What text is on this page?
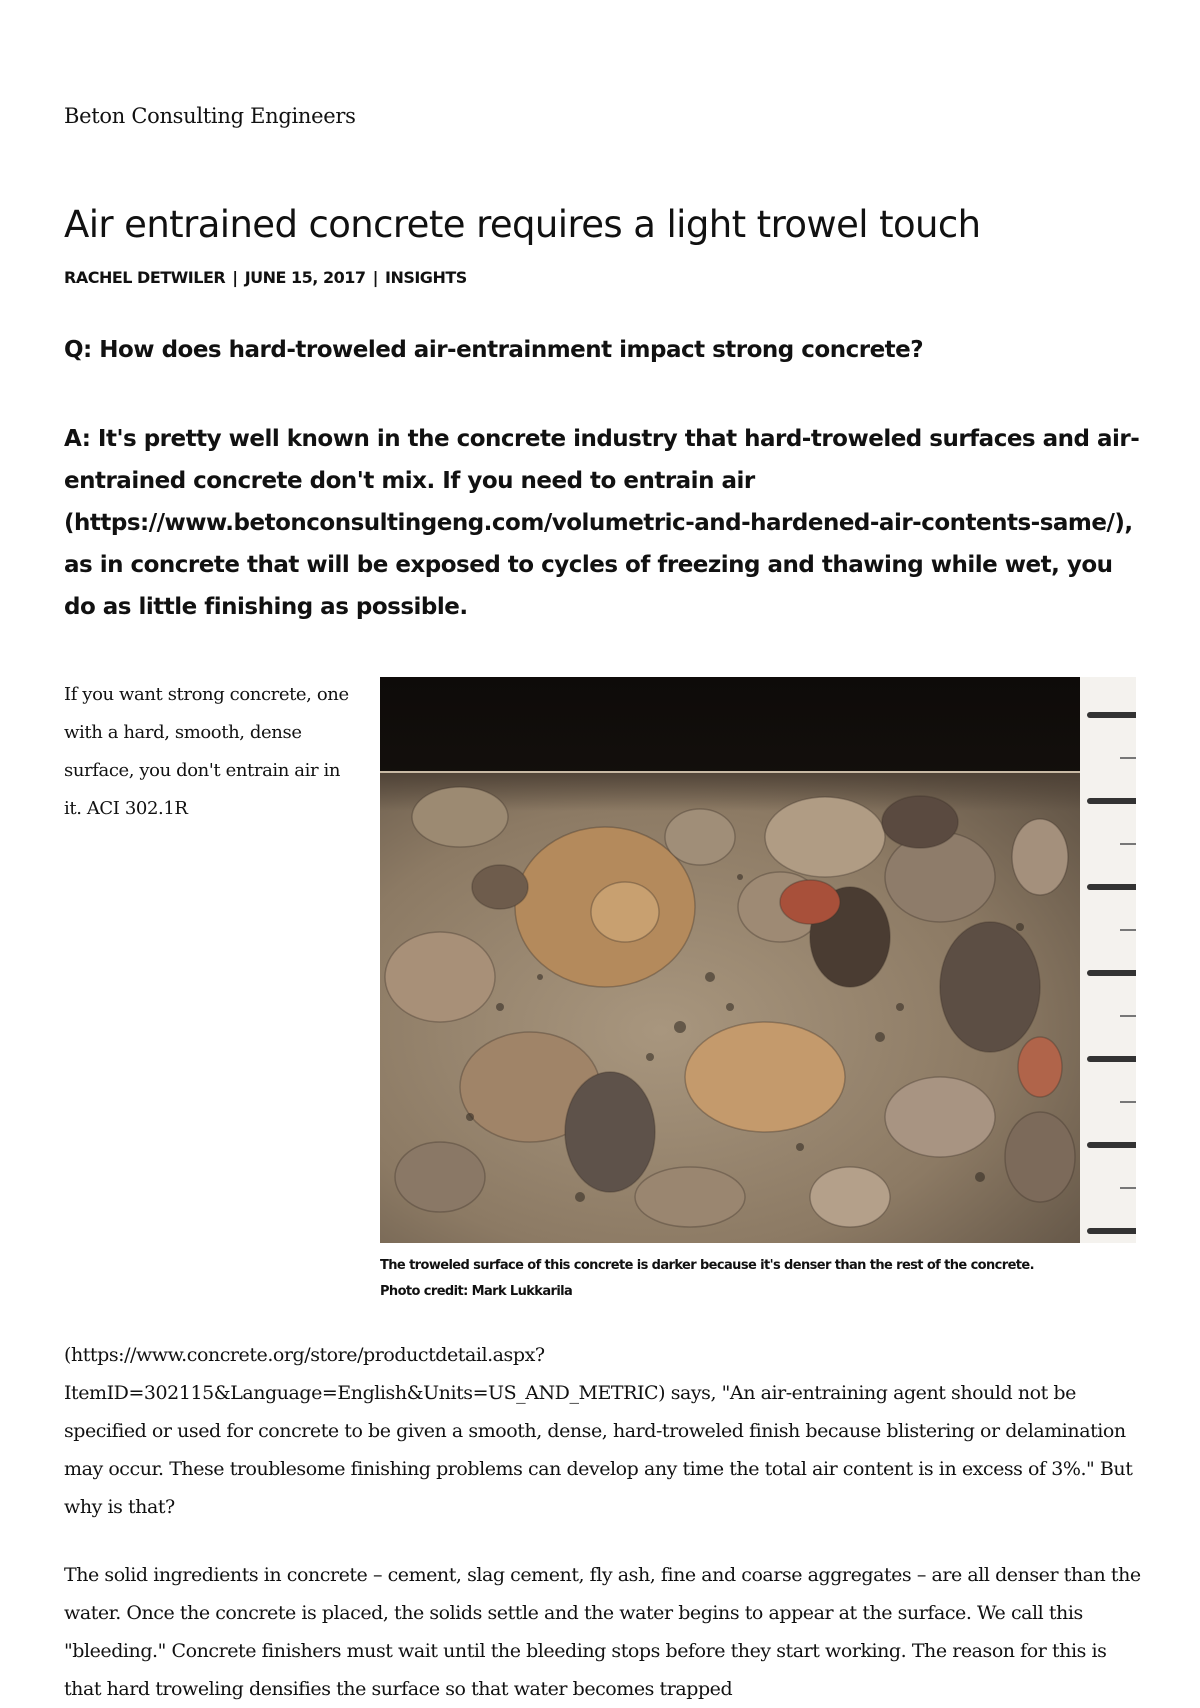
Beton Consulting Engineers
Air entrained concrete requires a light trowel touch
RACHEL DETWILER | JUNE 15, 2017 | INSIGHTS
Q: How does hard-troweled air-entrainment impact strong concrete?

A: It's pretty well known in the concrete industry that hard-troweled surfaces and air-entrained concrete don't mix. If you need to entrain air (https://www.betonconsultingeng.com/volumetric-and-hardened-air-contents-same/), as in concrete that will be exposed to cycles of freezing and thawing while wet, you do as little finishing as possible.

If you want strong concrete, one with a hard, smooth, dense surface, you don't entrain air in it. ACI 302.1R

The troweled surface of this concrete is darker because it's denser than the rest of the concrete.
Photo credit: Mark Lukkarila

(https://www.concrete.org/store/productdetail.aspx?ItemID=302115&Language=English&Units=US_AND_METRIC) says, "An air-entraining agent should not be specified or used for concrete to be given a smooth, dense, hard-troweled finish because blistering or delamination may occur. These troublesome finishing problems can develop any time the total air content is in excess of 3%." But why is that?

The solid ingredients in concrete – cement, slag cement, fly ash, fine and coarse aggregates – are all denser than the water. Once the concrete is placed, the solids settle and the water begins to appear at the surface. We call this "bleeding." Concrete finishers must wait until the bleeding stops before they start working. The reason for this is that hard troweling densifies the surface so that water becomes trapped
